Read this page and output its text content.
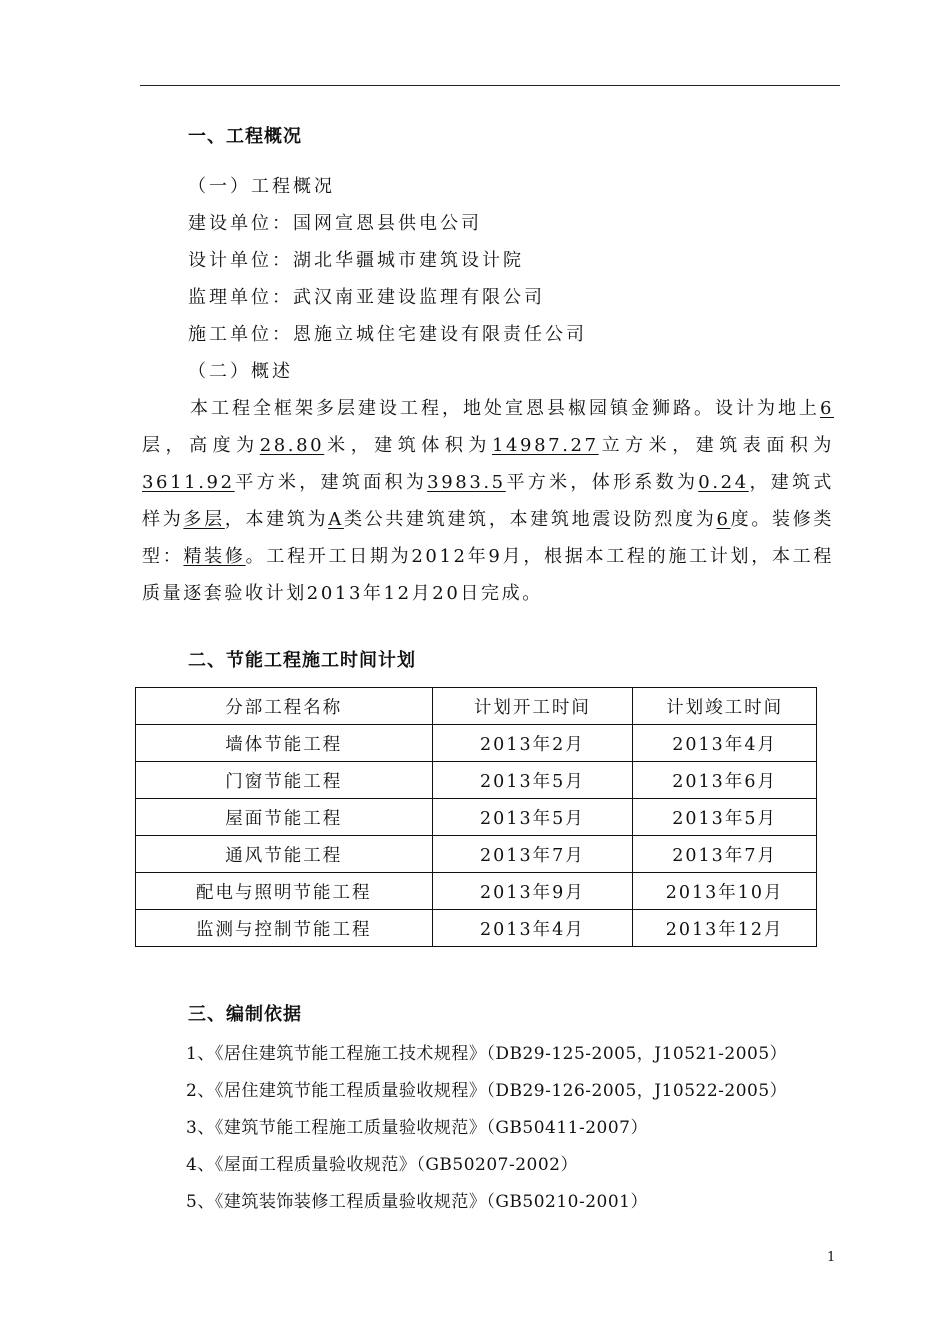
一、工程概况
（一）工程概况
建设单位：国网宣恩县供电公司
设计单位：湖北华疆城市建筑设计院
监理单位：武汉南亚建设监理有限公司
施工单位：恩施立城住宅建设有限责任公司
（二）概述
本工程全框架多层建设工程，地处宣恩县椒园镇金狮路。设计为地上6层，高度为28.80米，建筑体积为14987.27立方米，建筑表面积为3611.92平方米，建筑面积为3983.5平方米，体形系数为0.24，建筑式样为多层，本建筑为A类公共建筑建筑，本建筑地震设防烈度为6度。装修类型：精装修。工程开工日期为2012年9月，根据本工程的施工计划，本工程质量逐套验收计划2013年12月20日完成。
二、节能工程施工时间计划
分部工程名称	计划开工时间	计划竣工时间
墙体节能工程	2013年2月	2013年4月
门窗节能工程	2013年5月	2013年6月
屋面节能工程	2013年5月	2013年5月
通风节能工程	2013年7月	2013年7月
配电与照明节能工程	2013年9月	2013年10月
监测与控制节能工程	2013年4月	2013年12月
三、编制依据
1、《居住建筑节能工程施工技术规程》（DB29-125-2005，J10521-2005）
2、《居住建筑节能工程质量验收规程》（DB29-126-2005，J10522-2005）
3、《建筑节能工程施工质量验收规范》（GB50411-2007）
4、《屋面工程质量验收规范》（GB50207-2002）
5、《建筑装饰装修工程质量验收规范》（GB50210-2001）
1
